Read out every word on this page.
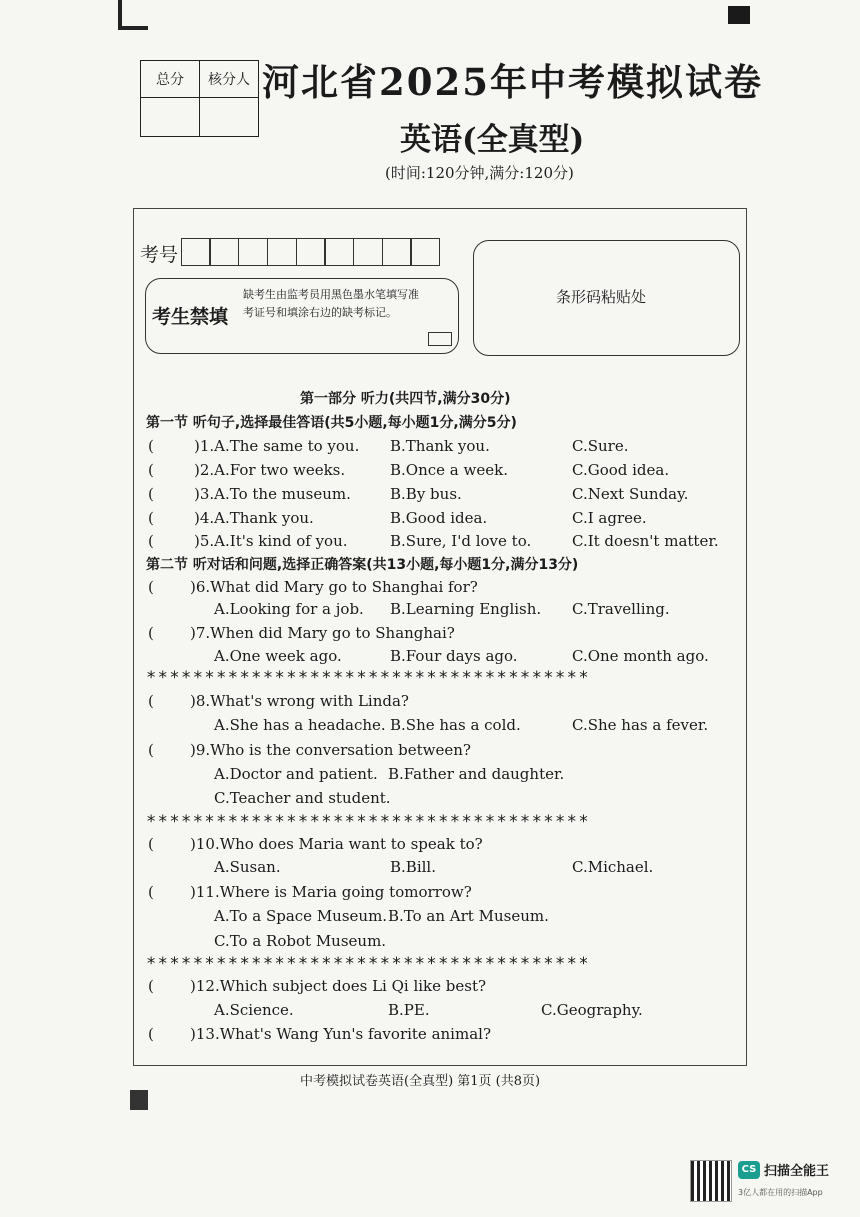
总分	核分人
	河北省2025年中考模拟试卷
英语(全真型)
(时间:120分钟,满分:120分)
考号
考生禁填
缺考生由监考员用黑色墨水笔填写准考证号和填涂右边的缺考标记。
条形码粘贴处
第一部分 听力(共四节,满分30分)
第一节 听句子,选择最佳答语(共5小题,每小题1分,满分5分)
(	)1.A.The same to you. B.Thank you.	C.Sure.
(	)2.A.For two weeks.	B.Once a week.	C.Good idea.
(	)3.A.To the museum.	B.By bus.	C.Next Sunday.
(	)4.A.Thank you.	B.Good idea.	C.I agree.
(	)5.A.It's kind of you.	B.Sure, I'd love to.	C.It doesn't matter.
第二节 听对话和问题,选择正确答案(共13小题,每小题1分,满分13分)
( )6.What did Mary go to Shanghai for?
A.Looking for a job. B.Learning English. C.Travelling.
( )7.When did Mary go to Shanghai?
A.One week ago.	B.Four days ago.	C.One month ago.
**************************************
( )8.What's wrong with Linda?
A.She has a headache. B.She has a cold.	C.She has a fever.
( )9.Who is the conversation between?
A.Doctor and patient. B.Father and daughter.
C.Teacher and student.
**************************************
( )10.Who does Maria want to speak to?
A.Susan.	B.Bill.	C.Michael.
( )11.Where is Maria going tomorrow?
A.To a Space Museum. B.To an Art Museum.
C.To a Robot Museum.
**************************************
( )12.Which subject does Li Qi like best?
A.Science.	B.PE.	C.Geography.
( )13.What's Wang Yun's favorite animal?
中考模拟试卷英语(全真型) 第1页 (共8页)
CS 扫描全能王
3亿人都在用的扫描App
